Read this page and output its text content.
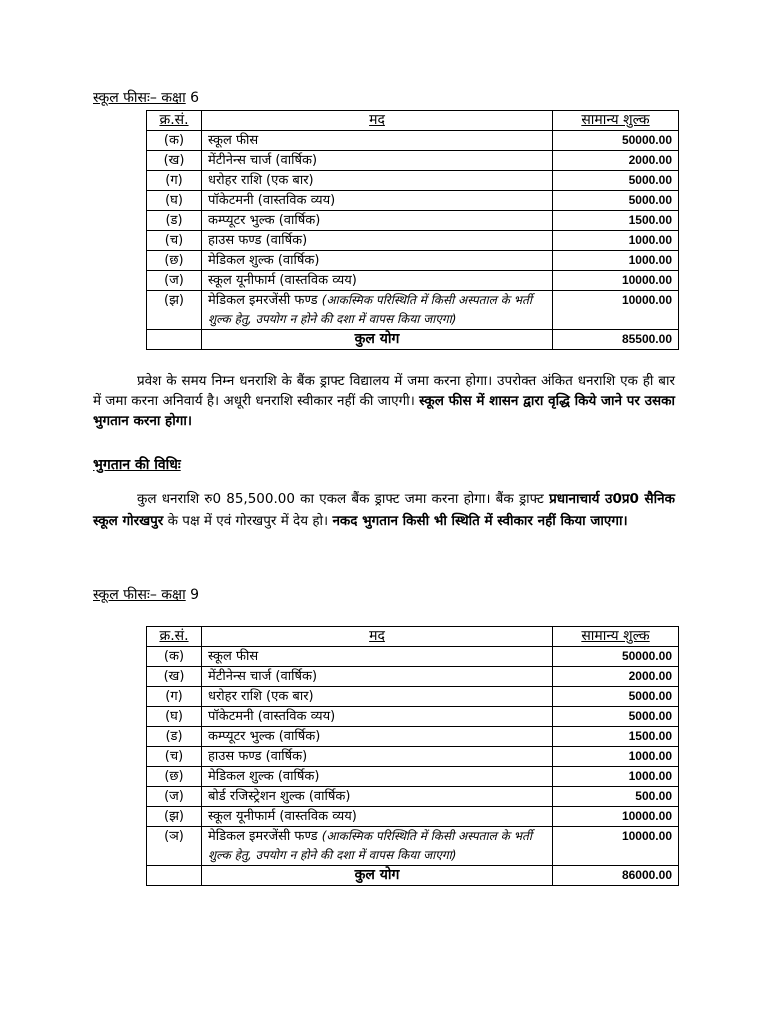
स्कूल फीसः– कक्षा 6
क्र.सं.	मद	सामान्य शुल्क
(क)	स्कूल फीस	50000.00
(ख)	मेंटीनेन्स चार्ज (वार्षिक)	2000.00
(ग)	धरोहर राशि (एक बार)	5000.00
(घ)	पॉकेटमनी (वास्तविक व्यय)	5000.00
(ड)	कम्प्यूटर भुल्क (वार्षिक)	1500.00
(च)	हाउस फण्ड (वार्षिक)	1000.00
(छ)	मेडिकल शुल्क (वार्षिक)	1000.00
(ज)	स्कूल यूनीफार्म (वास्तविक व्यय)	10000.00
(झ)	मेडिकल इमरजेंसी फण्ड (आकस्मिक परिस्थिति में किसी अस्पताल के भर्ती शुल्क हेतु, उपयोग न होने की दशा में वापस किया जाएगा)	10000.00
	कुल योग	85500.00
प्रवेश के समय निम्न धनराशि के बैंक ड्राफ्ट विद्यालय में जमा करना होगा। उपरोक्त अंकित धनराशि एक ही बार में जमा करना अनिवार्य है। अधूरी धनराशि स्वीकार नहीं की जाएगी। स्कूल फीस में शासन द्वारा वृद्धि किये जाने पर उसका भुगतान करना होगा।
भुगतान की विधिः
कुल धनराशि रु0 85,500.00 का एकल बैंक ड्राफ्ट जमा करना होगा। बैंक ड्राफ्ट प्रधानाचार्य उ0प्र0 सैनिक स्कूल गोरखपुर के पक्ष में एवं गोरखपुर में देय हो। नकद भुगतान किसी भी स्थिति में स्वीकार नहीं किया जाएगा।
स्कूल फीसः– कक्षा 9
क्र.सं.	मद	सामान्य शुल्क
(क)	स्कूल फीस	50000.00
(ख)	मेंटीनेन्स चार्ज (वार्षिक)	2000.00
(ग)	धरोहर राशि (एक बार)	5000.00
(घ)	पॉकेटमनी (वास्तविक व्यय)	5000.00
(ड)	कम्प्यूटर भुल्क (वार्षिक)	1500.00
(च)	हाउस फण्ड (वार्षिक)	1000.00
(छ)	मेडिकल शुल्क (वार्षिक)	1000.00
(ज)	बोर्ड रजिस्ट्रेशन शुल्क (वार्षिक)	500.00
(झ)	स्कूल यूनीफार्म (वास्तविक व्यय)	10000.00
(ञ)	मेडिकल इमरजेंसी फण्ड (आकस्मिक परिस्थिति में किसी अस्पताल के भर्ती शुल्क हेतु, उपयोग न होने की दशा में वापस किया जाएगा)	10000.00
	कुल योग	86000.00
